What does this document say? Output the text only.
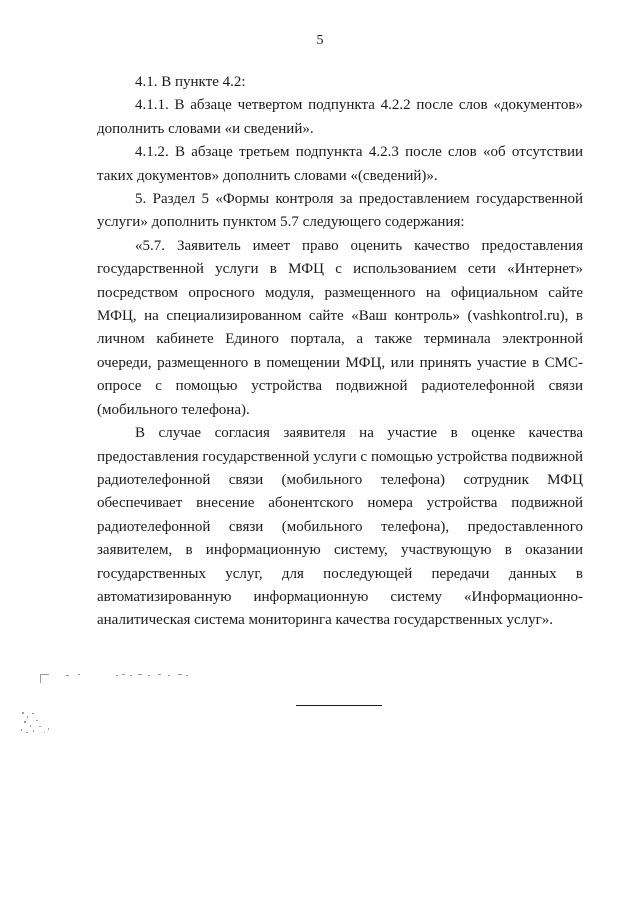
5

4.1. В пункте 4.2:

4.1.1. В абзаце четвертом подпункта 4.2.2 после слов «документов» дополнить словами «и сведений».

4.1.2. В абзаце третьем подпункта 4.2.3 после слов «об отсутствии таких документов» дополнить словами «(сведений)».

5. Раздел 5 «Формы контроля за предоставлением государственной услуги» дополнить пунктом 5.7 следующего содержания:

«5.7. Заявитель имеет право оценить качество предоставления государственной услуги в МФЦ с использованием сети «Интернет» посредством опросного модуля, размещенного на официальном сайте МФЦ, на специализированном сайте «Ваш контроль» (vashkontrol.ru), в личном кабинете Единого портала, а также терминала электронной очереди, размещенного в помещении МФЦ, или принять участие в СМС-опросе с помощью устройства подвижной радиотелефонной связи (мобильного телефона).

В случае согласия заявителя на участие в оценке качества предоставления государственной услуги с помощью устройства подвижной радиотелефонной связи (мобильного телефона) сотрудник МФЦ обеспечивает внесение абонентского номера устройства подвижной радиотелефонной связи (мобильного телефона), предоставленного заявителем, в информационную систему, участвующую в оказании государственных услуг, для последующей передачи данных в автоматизированную информационную систему «Информационно-аналитическая система мониторинга качества государственных услуг».
